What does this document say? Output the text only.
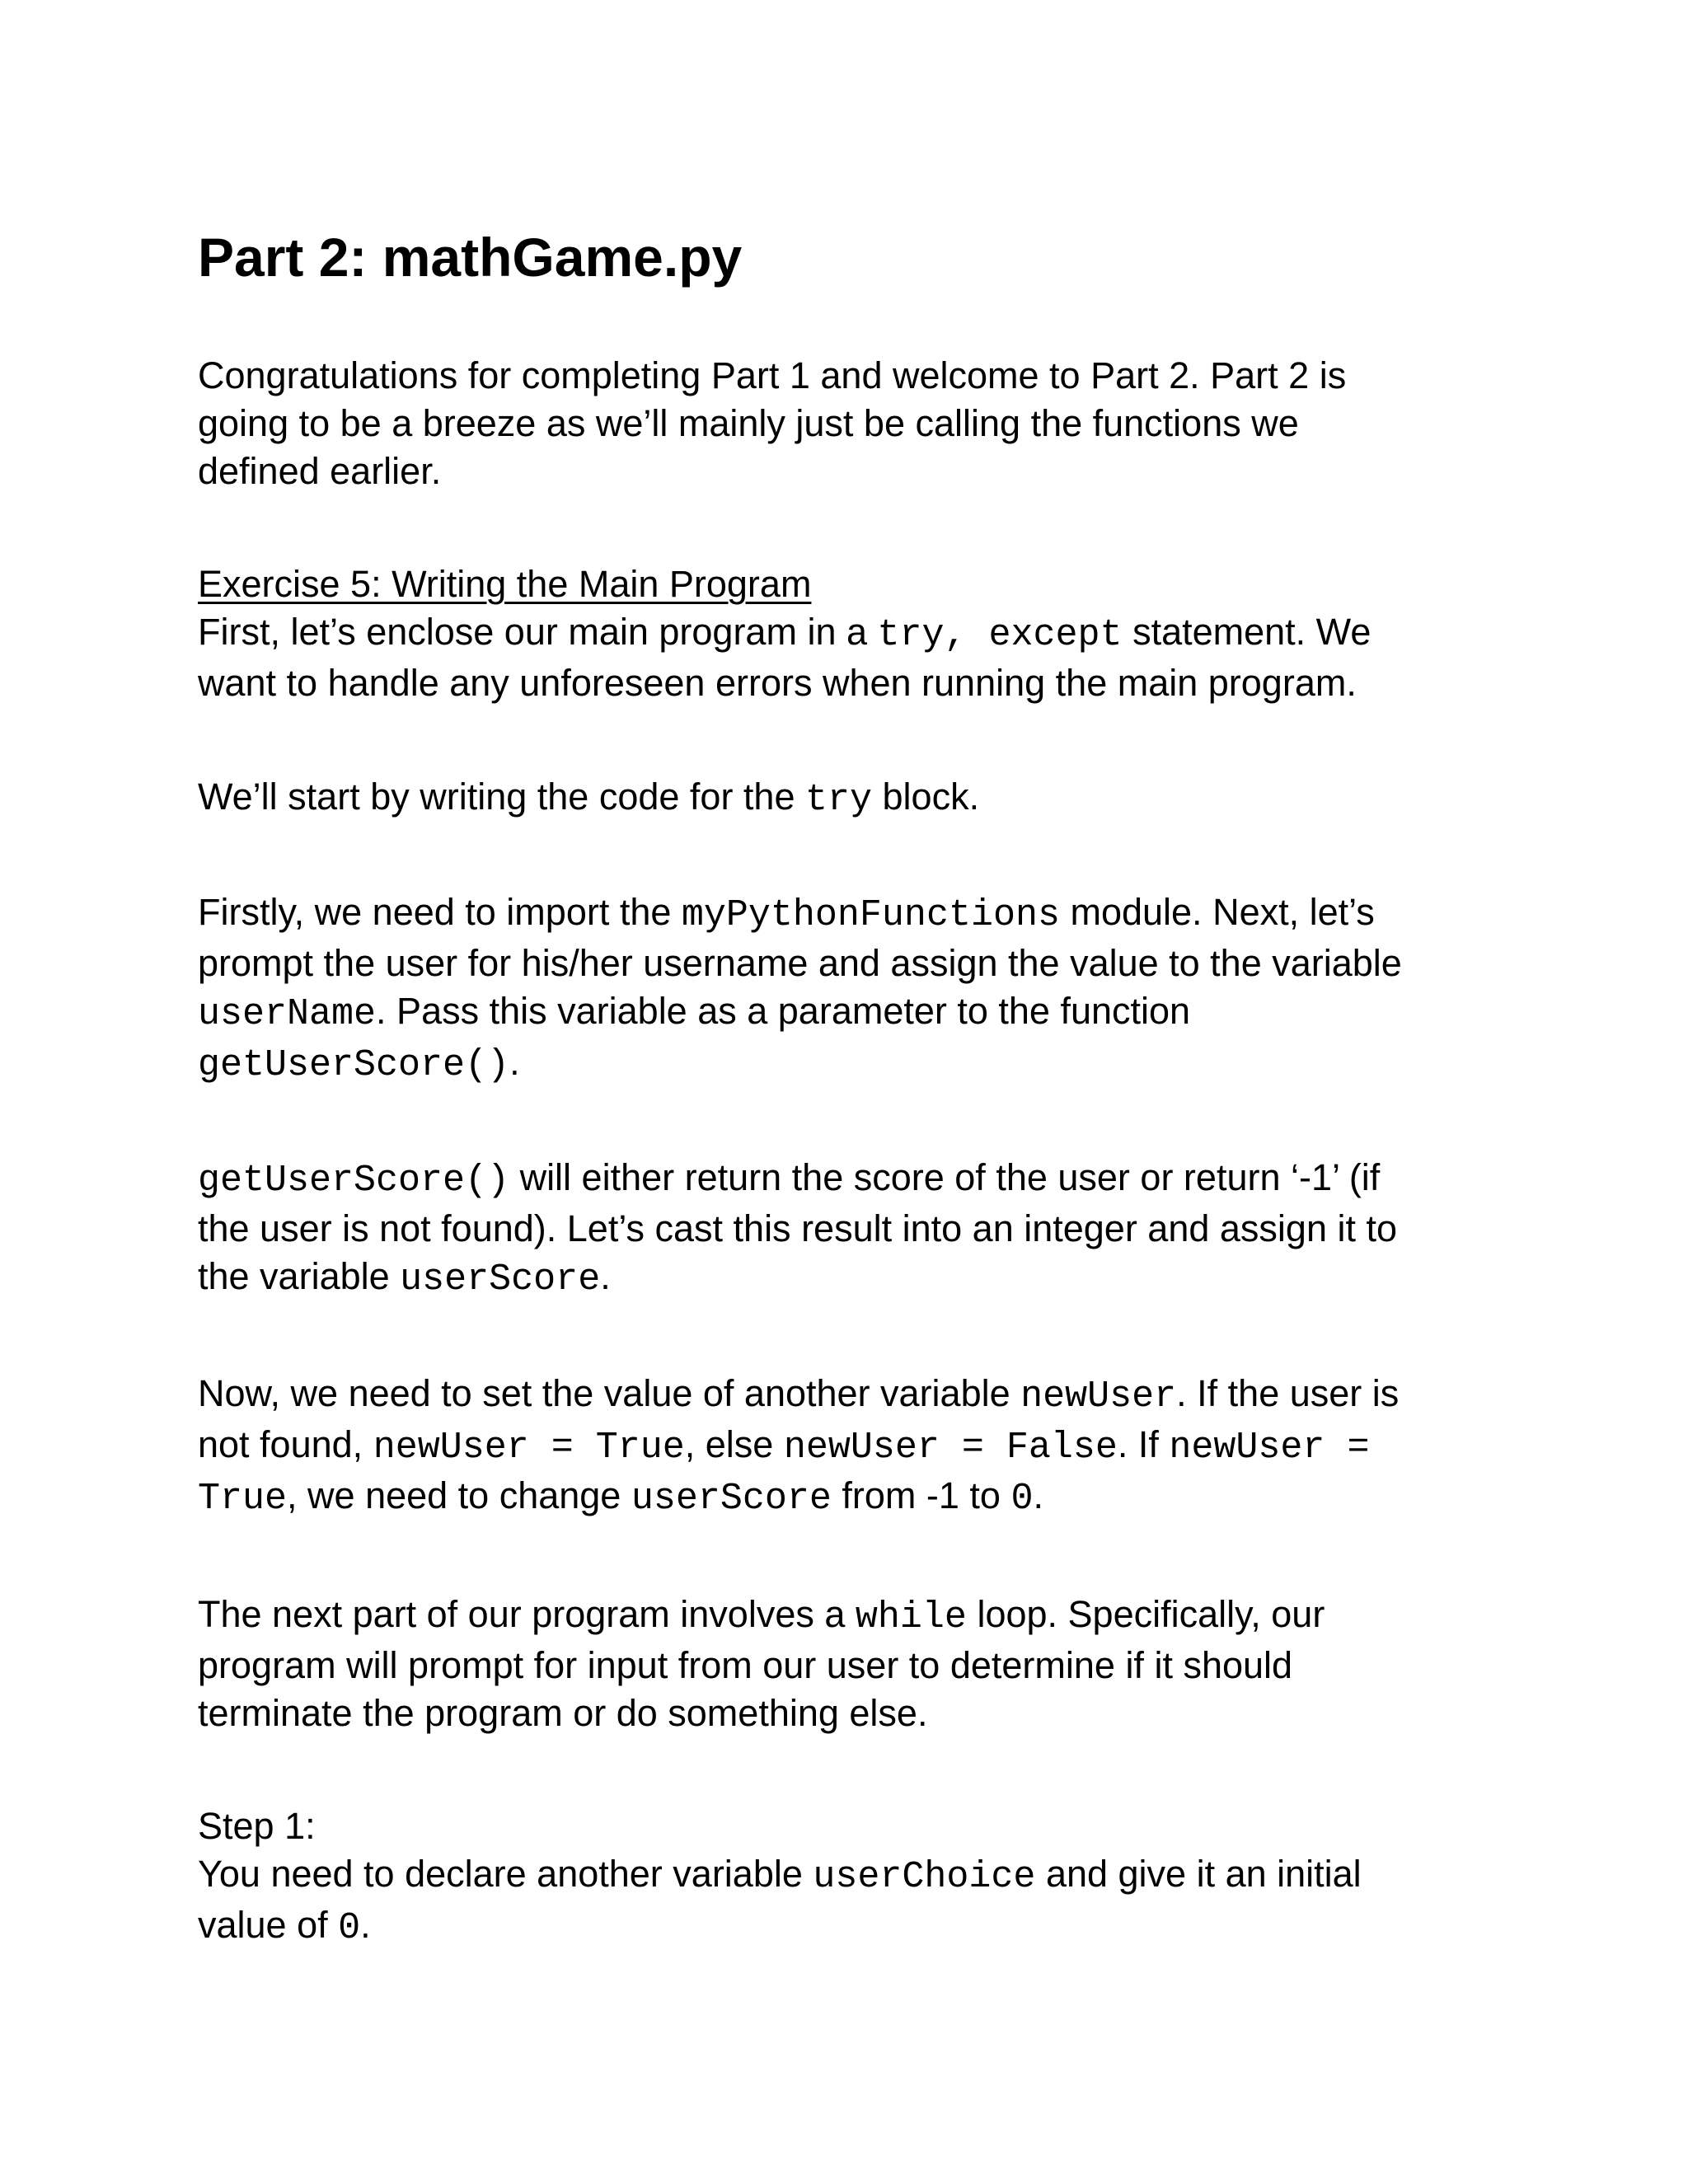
Part 2: mathGame.py

Congratulations for completing Part 1 and welcome to Part 2. Part 2 is
going to be a breeze as we’ll mainly just be calling the functions we
defined earlier.

Exercise 5: Writing the Main Program
First, let’s enclose our main program in a try, except statement. We
want to handle any unforeseen errors when running the main program.

We’ll start by writing the code for the try block.

Firstly, we need to import the myPythonFunctions module. Next, let’s
prompt the user for his/her username and assign the value to the variable
userName. Pass this variable as a parameter to the function
getUserScore().

getUserScore() will either return the score of the user or return ‘-1’ (if
the user is not found). Let’s cast this result into an integer and assign it to
the variable userScore.

Now, we need to set the value of another variable newUser. If the user is
not found, newUser = True, else newUser = False. If newUser =
True, we need to change userScore from -1 to 0.

The next part of our program involves a while loop. Specifically, our
program will prompt for input from our user to determine if it should
terminate the program or do something else.

Step 1:
You need to declare another variable userChoice and give it an initial
value of 0.
